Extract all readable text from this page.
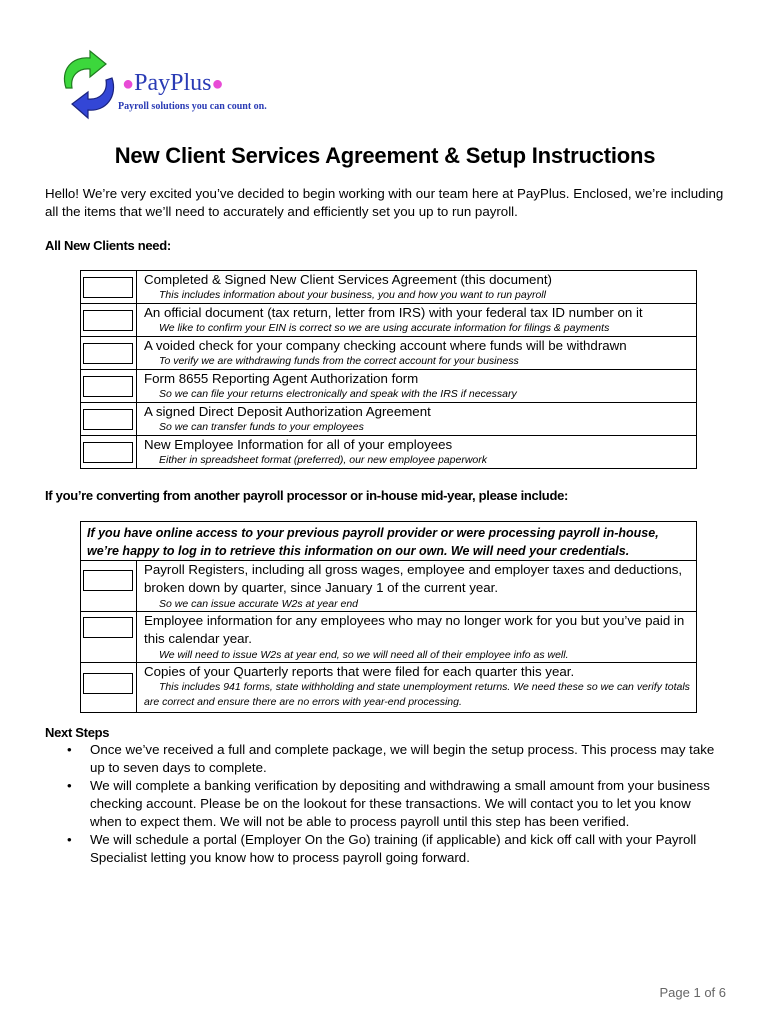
●PayPlus●
Payroll solutions you can count on.
New Client Services Agreement & Setup Instructions
Hello! We’re very excited you’ve decided to begin working with our team here at PayPlus. Enclosed, we’re including all the items that we’ll need to accurately and efficiently set you up to run payroll.
All New Clients need:

	Completed & Signed New Client Services Agreement (this document)
This includes information about your business, you and how you want to run payroll

	An official document (tax return, letter from IRS) with your federal tax ID number on it
We like to confirm your EIN is correct so we are using accurate information for filings & payments

	A voided check for your company checking account where funds will be withdrawn
To verify we are withdrawing funds from the correct account for your business

	Form 8655 Reporting Agent Authorization form
So we can file your returns electronically and speak with the IRS if necessary

	A signed Direct Deposit Authorization Agreement
So we can transfer funds to your employees

	New Employee Information for all of your employees
Either in spreadsheet format (preferred), our new employee paperwork
If you’re converting from another payroll processor or in-house mid-year, please include:
If you have online access to your previous payroll provider or were processing payroll in-house, we’re happy to log in to retrieve this information on our own. We will need your credentials.	

	Payroll Registers, including all gross wages, employee and employer taxes and deductions, broken down by quarter, since January 1 of the current year.
So we can issue accurate W2s at year end

	Employee information for any employees who may no longer work for you but you’ve paid in this calendar year.
We will need to issue W2s at year end, so we will need all of their employee info as well.

	Copies of your Quarterly reports that were filed for each quarter this year.
This includes 941 forms, state withholding and state unemployment returns. We need these so we can verify totals are correct and ensure there are no errors with year-end processing.
Next Steps
• Once we’ve received a full and complete package, we will begin the setup process. This process may take up to seven days to complete.
• We will complete a banking verification by depositing and withdrawing a small amount from your business checking account. Please be on the lookout for these transactions. We will contact you to let you know when to expect them. We will not be able to process payroll until this step has been verified.
• We will schedule a portal (Employer On the Go) training (if applicable) and kick off call with your Payroll Specialist letting you know how to process payroll going forward.
Page 1 of 6
